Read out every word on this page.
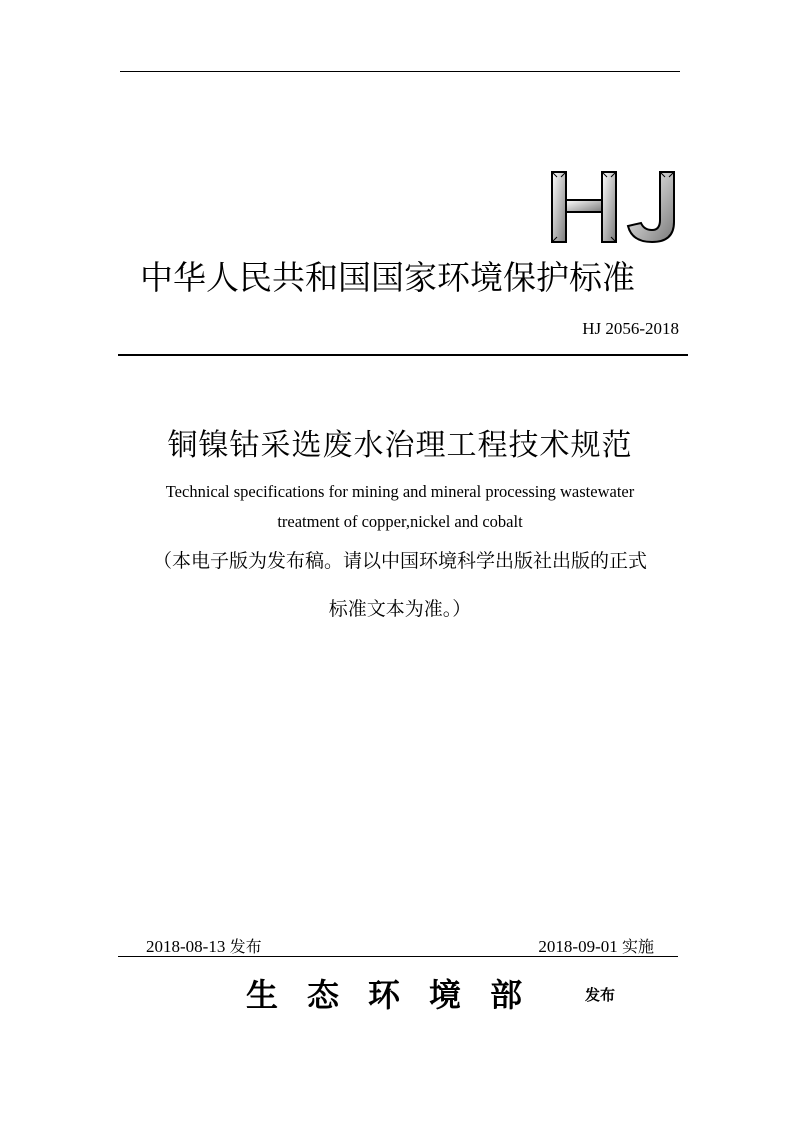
中华人民共和国国家环境保护标准
HJ 2056-2018
铜镍钴采选废水治理工程技术规范
Technical specifications for mining and mineral processing wastewater
treatment of copper,nickel and cobalt
（本电子版为发布稿。请以中国环境科学出版社出版的正式
标准文本为准。）
2018-08-13 发布	2018-09-01 实施
生 态 环 境 部	发布
